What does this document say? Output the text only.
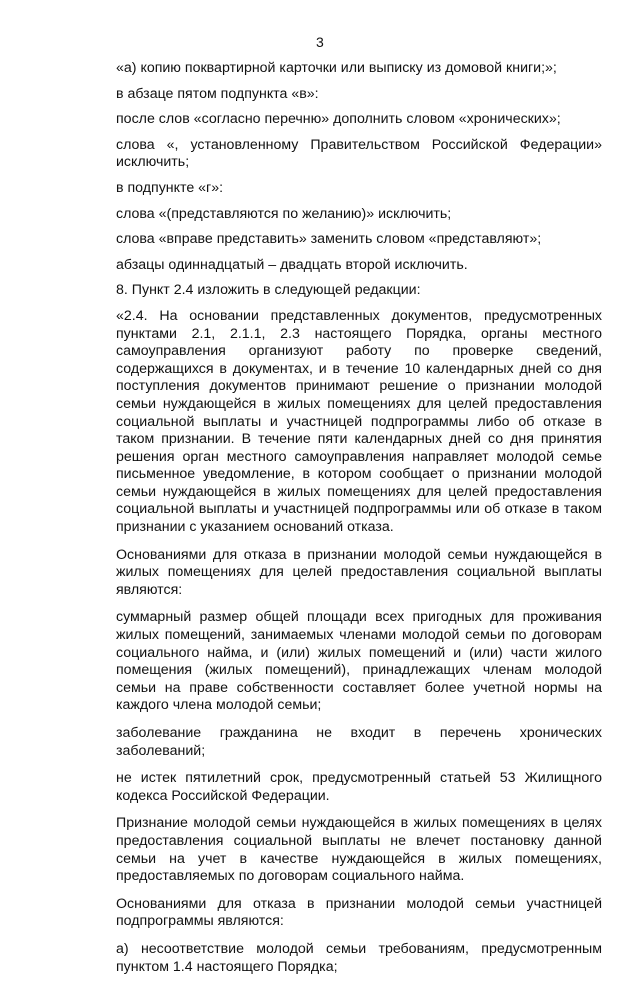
3
«а) копию поквартирной карточки или выписку из домовой книги;»;
в абзаце пятом подпункта «в»:
после слов «согласно перечню» дополнить словом «хронических»;
слова «, установленному Правительством Российской Федерации» исключить;
в подпункте «г»:
слова «(представляются по желанию)» исключить;
слова «вправе представить» заменить словом «представляют»;
абзацы одиннадцатый – двадцать второй исключить.
8. Пункт 2.4 изложить в следующей редакции:
«2.4. На основании представленных документов, предусмотренных пунктами 2.1, 2.1.1, 2.3 настоящего Порядка, органы местного самоуправления организуют работу по проверке сведений, содержащихся в документах, и в течение 10 календарных дней со дня поступления документов принимают решение о признании молодой семьи нуждающейся в жилых помещениях для целей предоставления социальной выплаты и участницей подпрограммы либо об отказе в таком признании. В течение пяти календарных дней со дня принятия решения орган местного самоуправления направляет молодой семье письменное уведомление, в котором сообщает о признании молодой семьи нуждающейся в жилых помещениях для целей предоставления социальной выплаты и участницей подпрограммы или об отказе в таком признании с указанием оснований отказа.
Основаниями для отказа в признании молодой семьи нуждающейся в жилых помещениях для целей предоставления социальной выплаты являются:
суммарный размер общей площади всех пригодных для проживания жилых помещений, занимаемых членами молодой семьи по договорам социального найма, и (или) жилых помещений и (или) части жилого помещения (жилых помещений), принадлежащих членам молодой семьи на праве собственности составляет более учетной нормы на каждого члена молодой семьи;
заболевание гражданина не входит в перечень хронических заболеваний;
не истек пятилетний срок, предусмотренный статьей 53 Жилищного кодекса Российской Федерации.
Признание молодой семьи нуждающейся в жилых помещениях в целях предоставления социальной выплаты не влечет постановку данной семьи на учет в качестве нуждающейся в жилых помещениях, предоставляемых по договорам социального найма.
Основаниями для отказа в признании молодой семьи участницей подпрограммы являются:
а) несоответствие молодой семьи требованиям, предусмотренным пунктом 1.4 настоящего Порядка;
